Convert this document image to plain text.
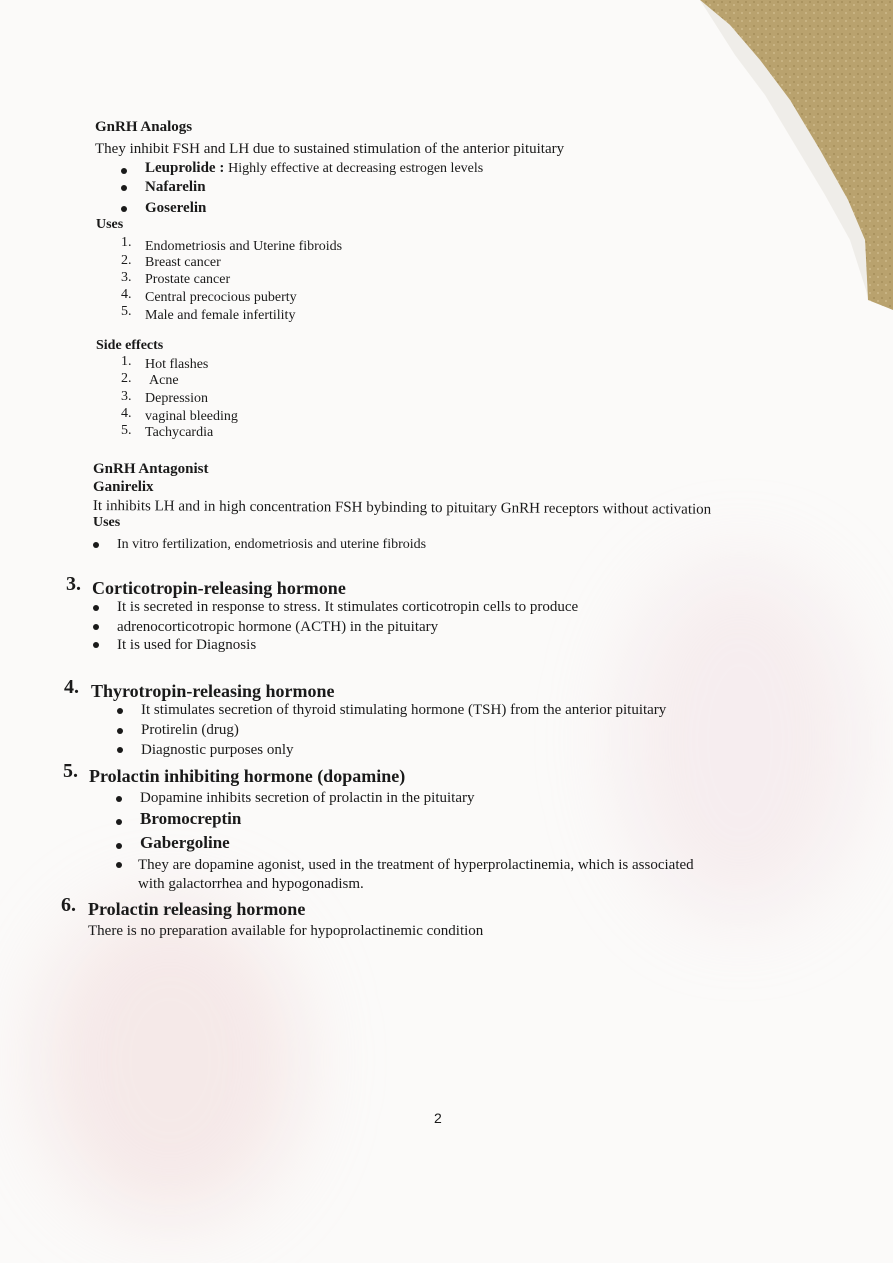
GnRH Analogs
They inhibit FSH and LH due to sustained stimulation of the anterior pituitary
Leuprolide : Highly effective at decreasing estrogen levels
Nafarelin
Goserelin
Uses
1. Endometriosis and Uterine fibroids
2. Breast cancer
3. Prostate cancer
4. Central precocious puberty
5. Male and female infertility
Side effects
1. Hot flashes
2. Acne
3. Depression
4. vaginal bleeding
5. Tachycardia
GnRH Antagonist
Ganirelix
It inhibits LH and in high concentration FSH bybinding to pituitary GnRH receptors without activation
Uses
In vitro fertilization, endometriosis and uterine fibroids
3. Corticotropin-releasing hormone
It is secreted in response to stress. It stimulates corticotropin cells to produce
adrenocorticotropic hormone (ACTH) in the pituitary
It is used for Diagnosis
4. Thyrotropin-releasing hormone
It stimulates secretion of thyroid stimulating hormone (TSH) from the anterior pituitary
Protirelin (drug)
Diagnostic purposes only
5. Prolactin inhibiting hormone (dopamine)
Dopamine inhibits secretion of prolactin in the pituitary
Bromocreptin
Gabergoline
They are dopamine agonist, used in the treatment of hyperprolactinemia, which is associated
with galactorrhea and hypogonadism.
6. Prolactin releasing hormone
There is no preparation available for hypoprolactinemic condition
2
